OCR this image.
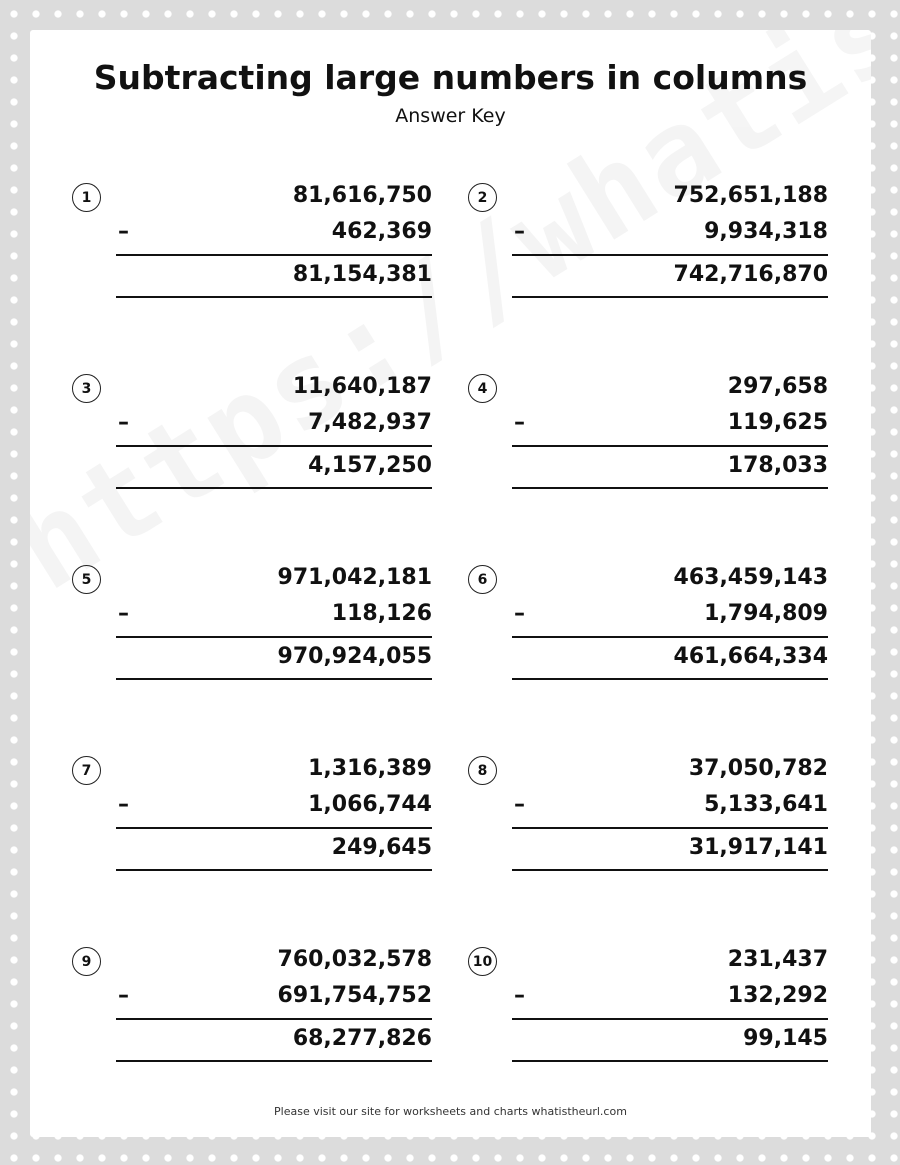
Subtracting large numbers in columns
Answer Key
1	81,616,750
–	462,369
81,154,381
2	752,651,188
–	9,934,318
742,716,870
3	11,640,187
–	7,482,937
4,157,250
4	297,658
–	119,625
178,033
5	971,042,181
–	118,126
970,924,055
6	463,459,143
–	1,794,809
461,664,334
7	1,316,389
–	1,066,744
249,645
8	37,050,782
–	5,133,641
31,917,141
9	760,032,578
–	691,754,752
68,277,826
10	231,437
–	132,292
99,145
Please visit our site for worksheets and charts whatistheurl.com
